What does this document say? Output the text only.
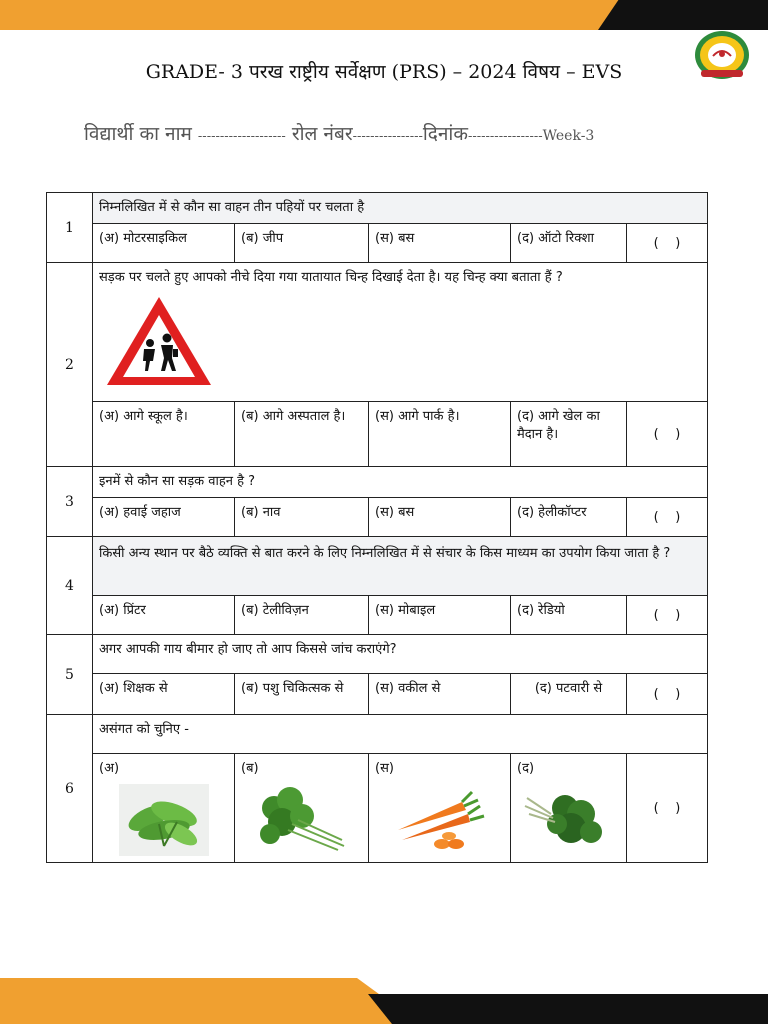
GRADE- 3 परख राष्ट्रीय सर्वेक्षण (PRS) – 2024 विषय – EVS
विद्यार्थी का नाम -------------------- रोल नंबर----------------दिनांक-----------------Week-3
1	निम्नलिखित में से कौन सा वाहन तीन पहियों पर चलता है				
	(अ) मोटरसाइकिल	(ब) जीप	(स) बस	(द) ऑटो रिक्शा	(    )
2	सड़क पर चलते हुए आपको नीचे दिया गया यातायात चिन्ह दिखाई देता है। यह चिन्ह क्या बताता हैं ?				

	(अ) आगे स्कूल है।	(ब) आगे अस्पताल है।	(स) आगे पार्क है।	(द) आगे खेल का मैदान है।	(    )
3	इनमें से कौन सा सड़क वाहन है ?				
	(अ) हवाई जहाज	(ब) नाव	(स) बस	(द) हेलीकॉप्टर	(    )
4	किसी अन्य स्थान पर बैठे व्यक्ति से बात करने के लिए निम्नलिखित में से संचार के किस माध्यम का उपयोग किया जाता है ?				
	(अ) प्रिंटर	(ब) टेलीविज़न	(स) मोबाइल	(द) रेडियो	(    )
5	अगर आपकी गाय बीमार हो जाए तो आप किससे जांच कराएंगे?				
	(अ) शिक्षक से	(ब) पशु चिकित्सक से	(स) वकील से	(द) पटवारी से	(    )
6	असंगत को चुनिए -				

	(अ)	(ब)	(स)	(द)	(    )
